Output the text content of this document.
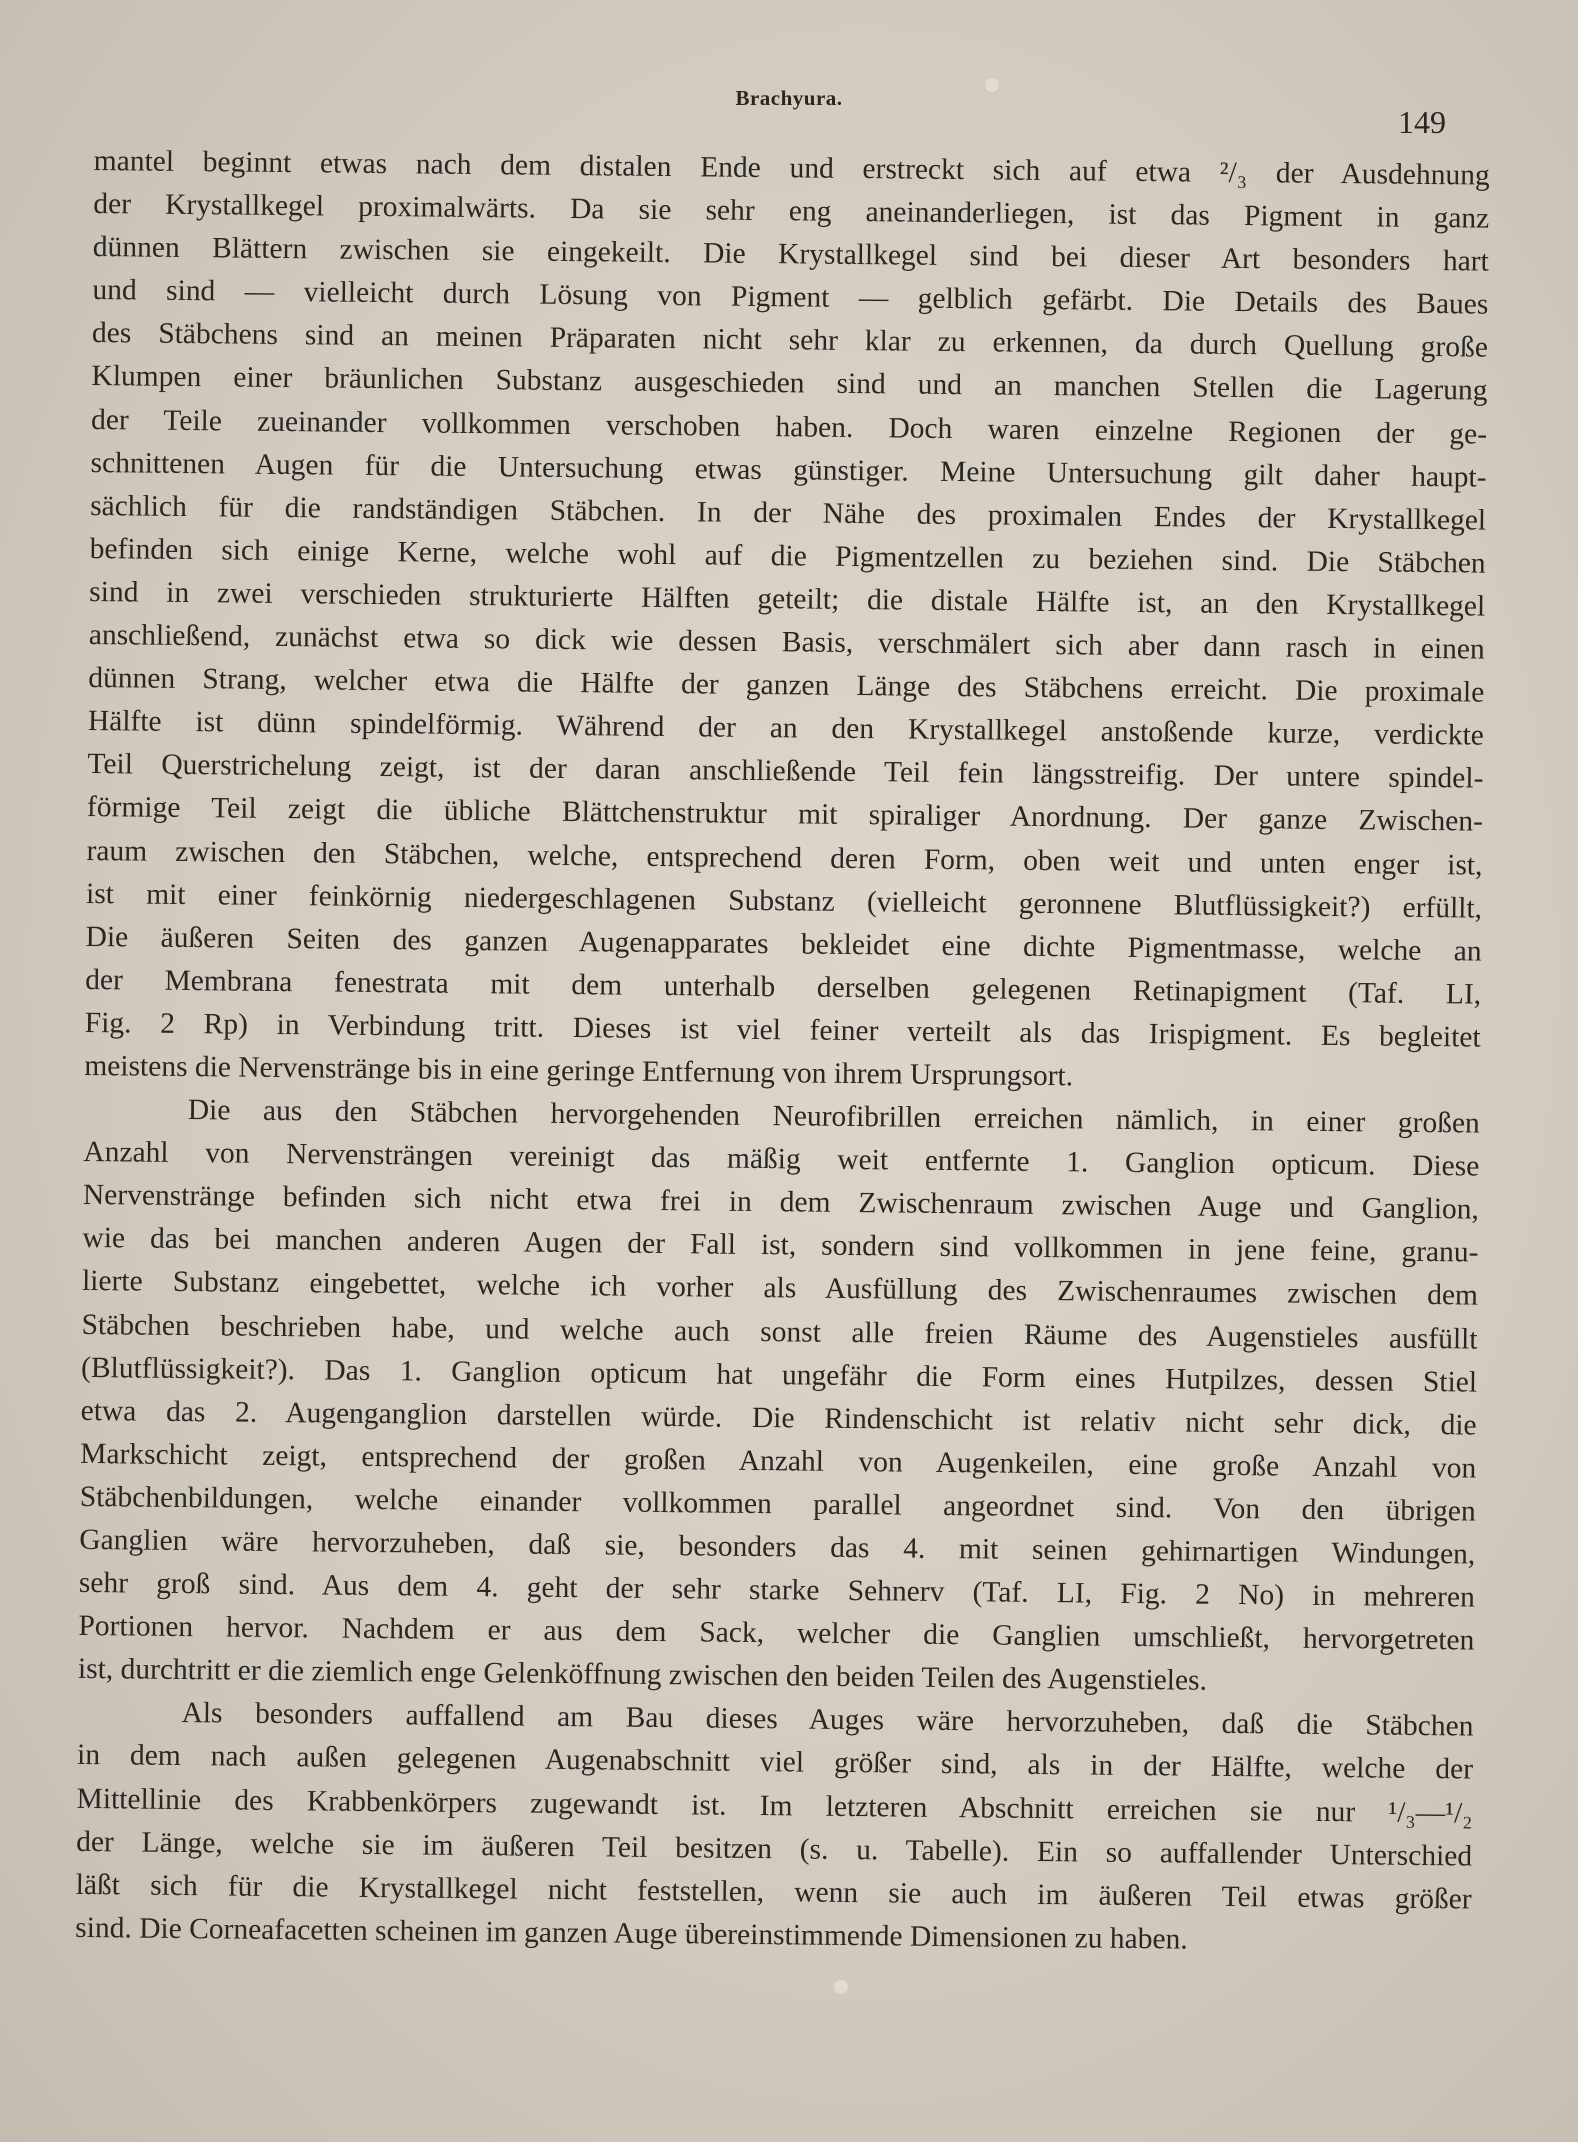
Brachyura.
149
mantel beginnt etwas nach dem distalen Ende und erstreckt sich auf etwa ²/₃ der Ausdehnung
der Krystallkegel proximalwärts. Da sie sehr eng aneinanderliegen, ist das Pigment in ganz
dünnen Blättern zwischen sie eingekeilt. Die Krystallkegel sind bei dieser Art besonders hart
und sind — vielleicht durch Lösung von Pigment — gelblich gefärbt. Die Details des Baues
des Stäbchens sind an meinen Präparaten nicht sehr klar zu erkennen, da durch Quellung große
Klumpen einer bräunlichen Substanz ausgeschieden sind und an manchen Stellen die Lagerung
der Teile zueinander vollkommen verschoben haben. Doch waren einzelne Regionen der ge-
schnittenen Augen für die Untersuchung etwas günstiger. Meine Untersuchung gilt daher haupt-
sächlich für die randständigen Stäbchen. In der Nähe des proximalen Endes der Krystallkegel
befinden sich einige Kerne, welche wohl auf die Pigmentzellen zu beziehen sind. Die Stäbchen
sind in zwei verschieden strukturierte Hälften geteilt; die distale Hälfte ist, an den Krystallkegel
anschließend, zunächst etwa so dick wie dessen Basis, verschmälert sich aber dann rasch in einen
dünnen Strang, welcher etwa die Hälfte der ganzen Länge des Stäbchens erreicht. Die proximale
Hälfte ist dünn spindelförmig. Während der an den Krystallkegel anstoßende kurze, verdickte
Teil Querstrichelung zeigt, ist der daran anschließende Teil fein längsstreifig. Der untere spindel-
förmige Teil zeigt die übliche Blättchenstruktur mit spiraliger Anordnung. Der ganze Zwischen-
raum zwischen den Stäbchen, welche, entsprechend deren Form, oben weit und unten enger ist,
ist mit einer feinkörnig niedergeschlagenen Substanz (vielleicht geronnene Blutflüssigkeit?) erfüllt,
Die äußeren Seiten des ganzen Augenapparates bekleidet eine dichte Pigmentmasse, welche an
der Membrana fenestrata mit dem unterhalb derselben gelegenen Retinapigment (Taf. LI,
Fig. 2 Rp) in Verbindung tritt. Dieses ist viel feiner verteilt als das Irispigment. Es begleitet
meistens die Nervenstränge bis in eine geringe Entfernung von ihrem Ursprungsort.
Die aus den Stäbchen hervorgehenden Neurofibrillen erreichen nämlich, in einer großen
Anzahl von Nervensträngen vereinigt das mäßig weit entfernte 1. Ganglion opticum. Diese
Nervenstränge befinden sich nicht etwa frei in dem Zwischenraum zwischen Auge und Ganglion,
wie das bei manchen anderen Augen der Fall ist, sondern sind vollkommen in jene feine, granu-
lierte Substanz eingebettet, welche ich vorher als Ausfüllung des Zwischenraumes zwischen dem
Stäbchen beschrieben habe, und welche auch sonst alle freien Räume des Augenstieles ausfüllt
(Blutflüssigkeit?). Das 1. Ganglion opticum hat ungefähr die Form eines Hutpilzes, dessen Stiel
etwa das 2. Augenganglion darstellen würde. Die Rindenschicht ist relativ nicht sehr dick, die
Markschicht zeigt, entsprechend der großen Anzahl von Augenkeilen, eine große Anzahl von
Stäbchenbildungen, welche einander vollkommen parallel angeordnet sind. Von den übrigen
Ganglien wäre hervorzuheben, daß sie, besonders das 4. mit seinen gehirnartigen Windungen,
sehr groß sind. Aus dem 4. geht der sehr starke Sehnerv (Taf. LI, Fig. 2 No) in mehreren
Portionen hervor. Nachdem er aus dem Sack, welcher die Ganglien umschließt, hervorgetreten
ist, durchtritt er die ziemlich enge Gelenköffnung zwischen den beiden Teilen des Augenstieles.
Als besonders auffallend am Bau dieses Auges wäre hervorzuheben, daß die Stäbchen
in dem nach außen gelegenen Augenabschnitt viel größer sind, als in der Hälfte, welche der
Mittellinie des Krabbenkörpers zugewandt ist. Im letzteren Abschnitt erreichen sie nur ¹/₃—¹/₂
der Länge, welche sie im äußeren Teil besitzen (s. u. Tabelle). Ein so auffallender Unterschied
läßt sich für die Krystallkegel nicht feststellen, wenn sie auch im äußeren Teil etwas größer
sind. Die Corneafacetten scheinen im ganzen Auge übereinstimmende Dimensionen zu haben.
